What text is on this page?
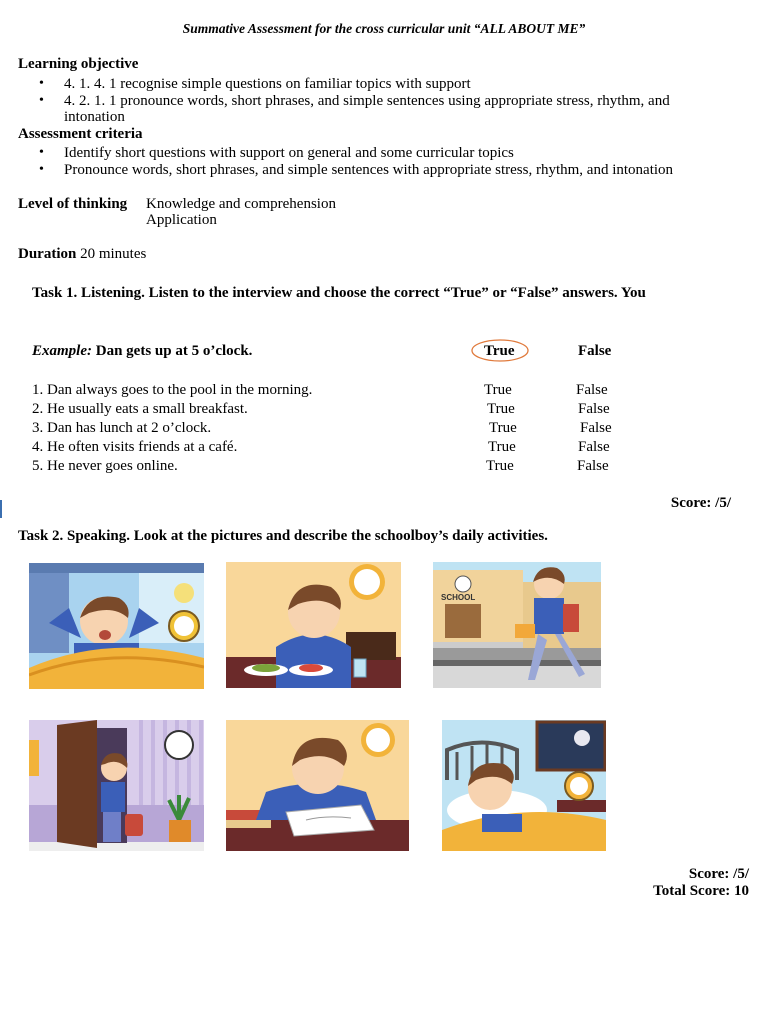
Summative Assessment for the cross curricular unit “ALL ABOUT ME”
Learning objective
• 4. 1. 4. 1 recognise simple questions on familiar topics with support
• 4. 2. 1. 1 pronounce words, short phrases, and simple sentences using appropriate stress, rhythm, and intonation
Assessment criteria
• Identify short questions with support on general and some curricular topics
• Pronounce words, short phrases, and simple sentences with appropriate stress, rhythm, and intonation
Level of thinking Knowledge and comprehension
Application
Duration 20 minutes
Task 1. Listening. Listen to the interview and choose the correct “True” or “False” answers. You
Example: Dan gets up at 5 o’clock.	True	False
1. Dan always goes to the pool in the morning.	True	False
2. He usually eats a small breakfast.	True	False
3. Dan has lunch at 2 o’clock.	True	False
4. He often visits friends at a café.	True	False
5. He never goes online.	True	False
Score: /5/
Task 2. Speaking. Look at the pictures and describe the schoolboy’s daily activities.
SCHOOL
Score: /5/
Total Score: 10
